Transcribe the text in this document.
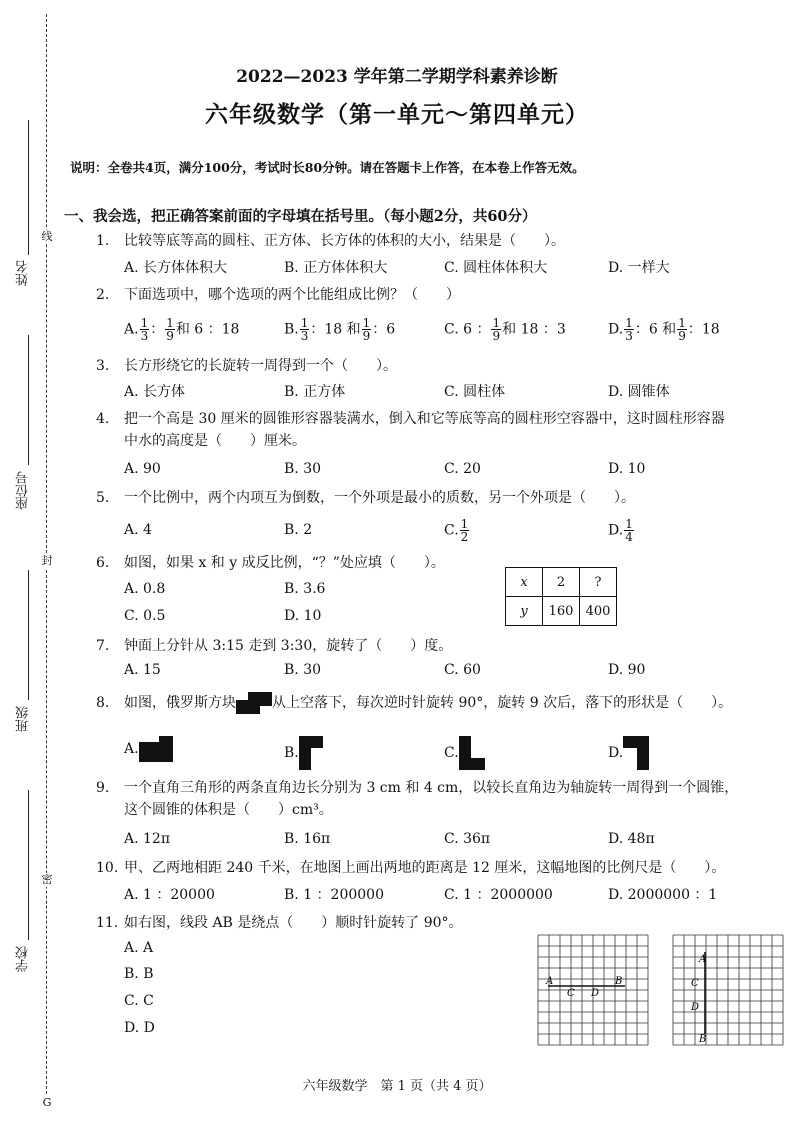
线
封
密
G
姓名
座位号
班级
学校
2022—2023 学年第二学期学科素养诊断
六年级数学（第一单元～第四单元）
说明：全卷共4页，满分100分，考试时长80分钟。请在答题卡上作答，在本卷上作答无效。
一、我会选，把正确答案前面的字母填在括号里。（每小题2分，共60分）
1.	比较等底等高的圆柱、正方体、长方体的体积的大小，结果是（　　）。
A. 长方体体积大	B. 正方体体积大	C. 圆柱体体积大	D. 一样大
2.	下面选项中，哪个选项的两个比能组成比例？（　　）
A. $\frac{1}{3}$ ： $\frac{1}{9}$ 和 6 ：18	B. $\frac{1}{3}$ ：18 和 $\frac{1}{9}$ ：6	C. 6 ： $\frac{1}{9}$ 和 18 ：3	D. $\frac{1}{3}$ ：6 和 $\frac{1}{9}$ ：18
3.	长方形绕它的长旋转一周得到一个（　　）。
A. 长方体	B. 正方体	C. 圆柱体	D. 圆锥体
4.	把一个高是 30 厘米的圆锥形容器装满水，倒入和它等底等高的圆柱形空容器中，这时圆柱形容器
中水的高度是（　　）厘米。
A. 90	B. 30	C. 20	D. 10
5.	一个比例中，两个内项互为倒数，一个外项是最小的质数，另一个外项是（　　）。
A. 4	B. 2	C. $\frac{1}{2}$	D. $\frac{1}{4}$
6.	如图，如果 x 和 y 成反比例，“？”处应填（　　）。
A. 0.8	B. 3.6
C. 0.5	D. 10
x	2	?
y	160	400
7.	钟面上分针从 3:15 走到 3:30，旋转了（　　）度。
A. 15	B. 30	C. 60	D. 90
8.	如图，俄罗斯方块	从上空落下，每次逆时针旋转 90°，旋转 9 次后，落下的形状是（　　）。
A.	B.	C.	D.
9.	一个直角三角形的两条直角边长分别为 3 cm 和 4 cm，以较长直角边为轴旋转一周得到一个圆锥，
这个圆锥的体积是（　　）cm³。
A. 12π	B. 16π	C. 36π	D. 48π
10. 甲、乙两地相距 240 千米，在地图上画出两地的距离是 12 厘米，这幅地图的比例尺是（　　）。
A. 1 ：20000	B. 1 ：200000	C. 1 ：2000000	D. 2000000 ：1
11. 如右图，线段 AB 是绕点（　　）顺时针旋转了 90°。
A. A
B. B
C. C
D. D
A
C D
B
A
C
D
B
六年级数学　第 1 页（共 4 页）
